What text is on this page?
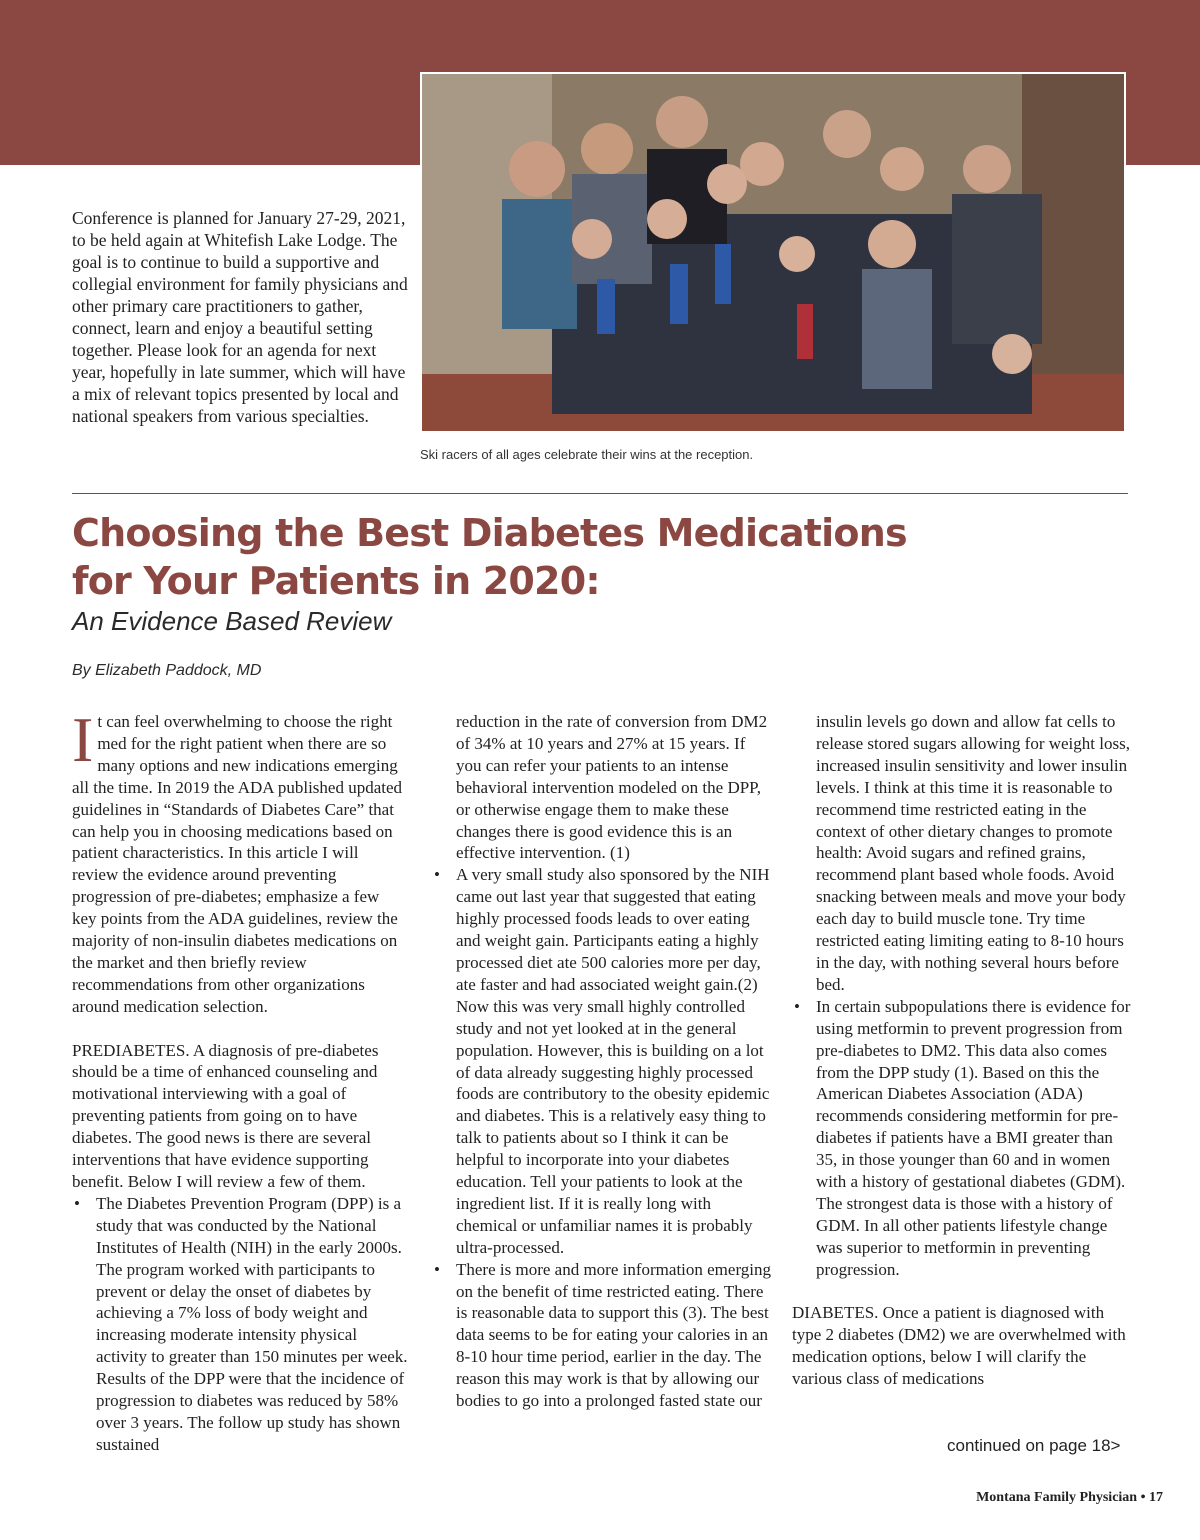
Ski racers of all ages celebrate their wins at the reception.

Conference is planned for January 27-29, 2021, to be held again at Whitefish Lake Lodge. The goal is to continue to build a supportive and collegial environment for family physicians and other primary care practitioners to gather, connect, learn and enjoy a beautiful setting together. Please look for an agenda for next year, hopefully in late summer, which will have a mix of relevant topics presented by local and national speakers from various specialties.

Choosing the Best Diabetes Medications
for Your Patients in 2020:

An Evidence Based Review

By Elizabeth Paddock, MD

It can feel overwhelming to choose the right med for the right patient when there are so many options and new indications emerging all the time. In 2019 the ADA published updated guidelines in “Standards of Diabetes Care” that can help you in choosing medications based on patient characteristics. In this article I will review the evidence around preventing progression of pre-diabetes; emphasize a few key points from the ADA guidelines, review the majority of non-insulin diabetes medications on the market and then briefly review recommendations from other organizations around medication selection.

PREDIABETES. A diagnosis of pre-diabetes should be a time of enhanced counseling and motivational interviewing with a goal of preventing patients from going on to have diabetes. The good news is there are several interventions that have evidence supporting benefit. Below I will review a few of them.

• The Diabetes Prevention Program (DPP) is a study that was conducted by the National Institutes of Health (NIH) in the early 2000s. The program worked with participants to prevent or delay the onset of diabetes by achieving a 7% loss of body weight and increasing moderate intensity physical activity to greater than 150 minutes per week. Results of the DPP were that the incidence of progression to diabetes was reduced by 58% over 3 years. The follow up study has shown sustained

reduction in the rate of conversion from DM2 of 34% at 10 years and 27% at 15 years. If you can refer your patients to an intense behavioral intervention modeled on the DPP, or otherwise engage them to make these changes there is good evidence this is an effective intervention. (1)

• A very small study also sponsored by the NIH came out last year that suggested that eating highly processed foods leads to over eating and weight gain. Participants eating a highly processed diet ate 500 calories more per day, ate faster and had associated weight gain.(2) Now this was very small highly controlled study and not yet looked at in the general population. However, this is building on a lot of data already suggesting highly processed foods are contributory to the obesity epidemic and diabetes. This is a relatively easy thing to talk to patients about so I think it can be helpful to incorporate into your diabetes education. Tell your patients to look at the ingredient list. If it is really long with chemical or unfamiliar names it is probably ultra-processed.
• There is more and more information emerging on the benefit of time restricted eating. There is reasonable data to support this (3). The best data seems to be for eating your calories in an 8-10 hour time period, earlier in the day. The reason this may work is that by allowing our bodies to go into a prolonged fasted state our

insulin levels go down and allow fat cells to release stored sugars allowing for weight loss, increased insulin sensitivity and lower insulin levels. I think at this time it is reasonable to recommend time restricted eating in the context of other dietary changes to promote health: Avoid sugars and refined grains, recommend plant based whole foods. Avoid snacking between meals and move your body each day to build muscle tone. Try time restricted eating limiting eating to 8-10 hours in the day, with nothing several hours before bed.

• In certain subpopulations there is evidence for using metformin to prevent progression from pre-diabetes to DM2. This data also comes from the DPP study (1). Based on this the American Diabetes Association (ADA) recommends considering metformin for pre-diabetes if patients have a BMI greater than 35, in those younger than 60 and in women with a history of gestational diabetes (GDM). The strongest data is those with a history of GDM. In all other patients lifestyle change was superior to metformin in preventing progression.

DIABETES. Once a patient is diagnosed with type 2 diabetes (DM2) we are overwhelmed with medication options, below I will clarify the various class of medications

continued on page 18>
Montana Family Physician • 17
